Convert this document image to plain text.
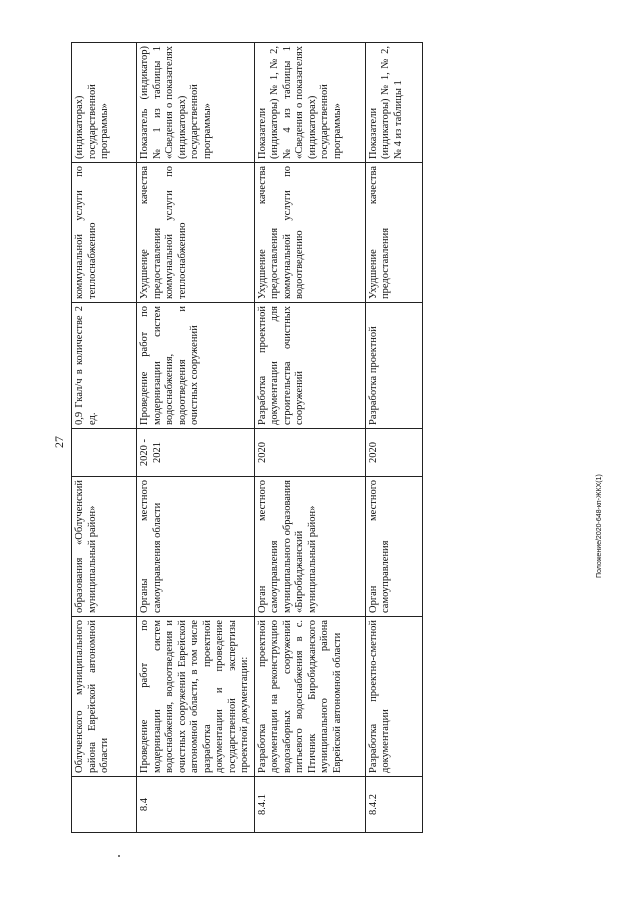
27
Положение/2020-648-кп-ЖКХ(1)
	Облученского муниципального района Еврейской автономной области	образования «Облученский муниципальный район»		0,9 Гкал/ч в количестве 2 ед.	коммунальной услуги по теплоснабжению	(индикаторах) государственной программы»
8.4	Проведение работ по модернизации систем водоснабжения, водоотведения и очистных сооружений Еврейской автономной области, в том числе разработка проектной документации и проведение государственной экспертизы проектной документации:	Органы местного самоуправления области	2020 - 2021	Проведение работ по модернизации систем водоснабжения, водоотведения и очистных сооружений	Ухудшение качества предоставления коммунальной услуги по теплоснабжению	Показатель (индикатор) № 1 из таблицы 1 «Сведения о показателях (индикаторах) государственной программы»
8.4.1	Разработка проектной документации на реконструкцию водозаборных сооружений питьевого водоснабжения в с. Птичник Биробиджанского муниципального района Еврейской автономной области	Орган местного самоуправления муниципального образования «Биробиджанский муниципальный район»	2020	Разработка проектной документации для строительства очистных сооружений	Ухудшение качества предоставления коммунальной услуги по водоотведению	Показатели (индикаторы) № 1, № 2, № 4 из таблицы 1 «Сведения о показателях (индикаторах) государственной программы»
8.4.2	Разработка проектно-сметной документации	Орган местного самоуправления	2020	Разработка проектной	Ухудшение качества предоставления	Показатели (индикаторы) № 1, № 2, № 4 из таблицы 1
